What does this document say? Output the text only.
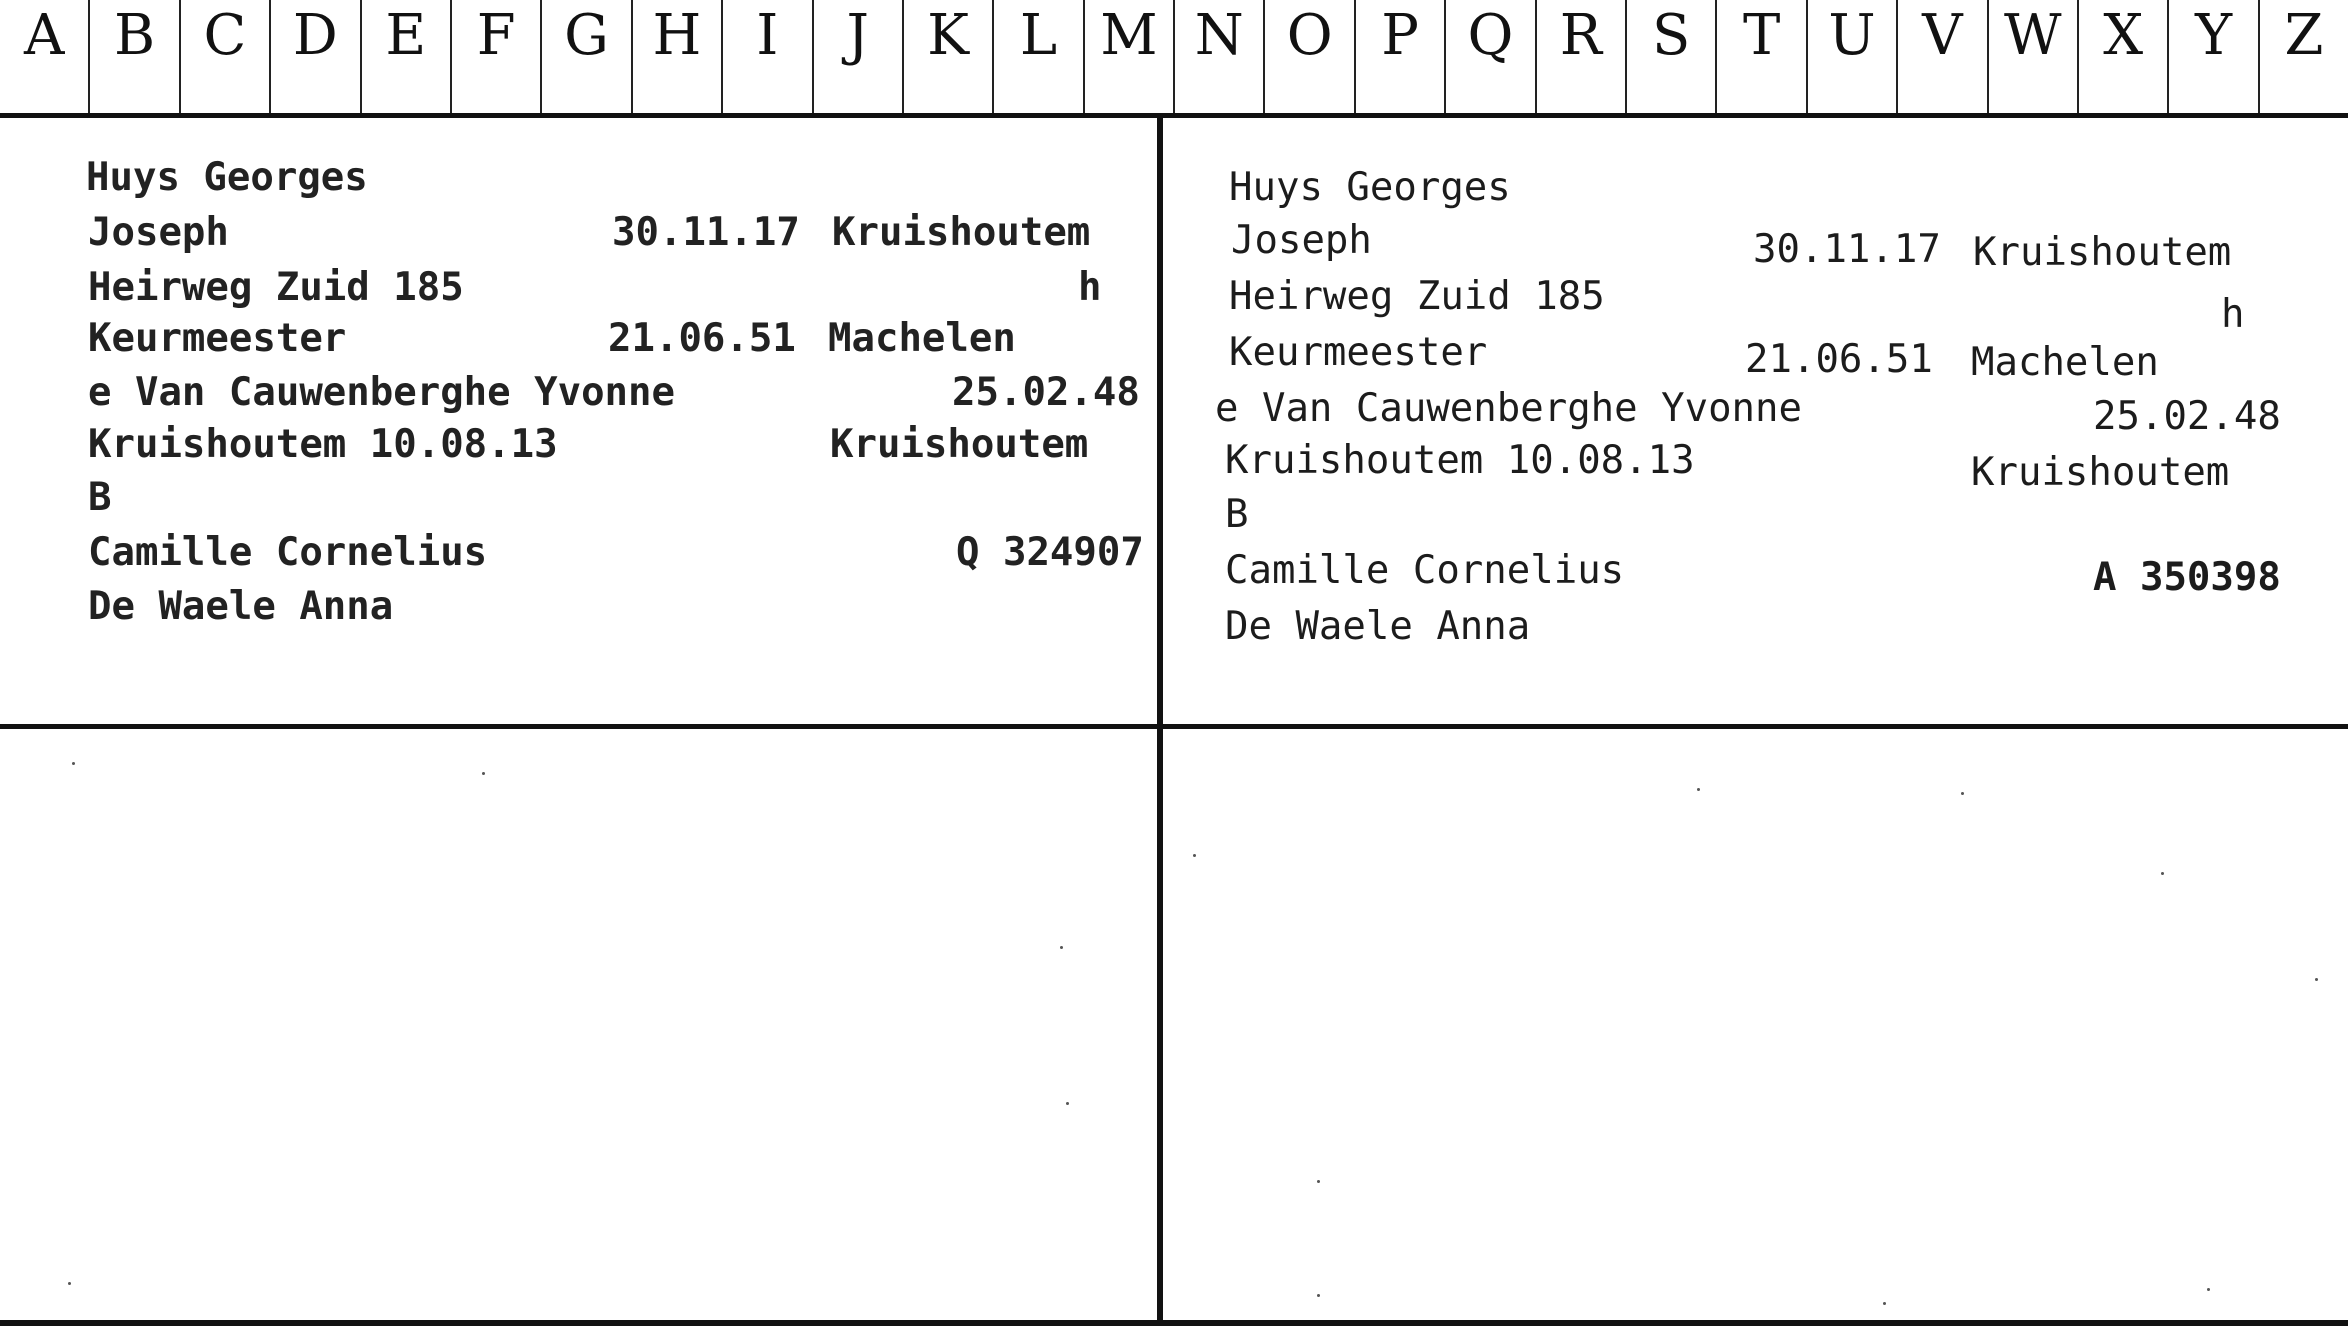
A B C D E F G H I	J	K L M N O P Q R S T U V W X Y Z
Huys Georges
Joseph	30.11.17 Kruishoutem
Heirweg Zuid 185	h
Keurmeester	21.06.51 Machelen
e Van Cauwenberghe Yvonne	25.02.48
Kruishoutem 10.08.13	Kruishoutem
B
Camille Cornelius	Q 324907
De Waele Anna
Huys Georges
Joseph	30.11.17 Kruishoutem
Heirweg Zuid 185	h
Keurmeester	21.06.51 Machelen
e Van Cauwenberghe Yvonne	25.02.48
Kruishoutem 10.08.13	Kruishoutem
B
Camille Cornelius	A 350398
De Waele Anna
